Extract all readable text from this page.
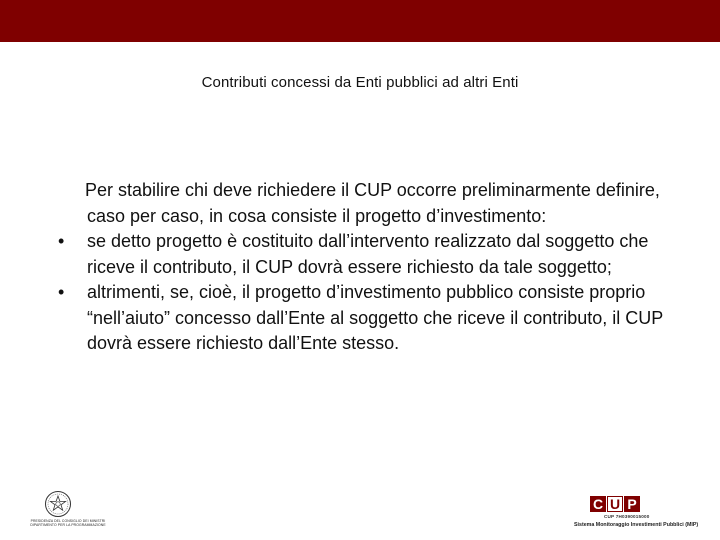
Contributi concessi da Enti pubblici ad altri Enti
Per stabilire chi deve richiedere il CUP occorre preliminarmente definire, caso per caso, in cosa consiste il progetto d’investimento:
• se detto progetto è costituito dall’intervento realizzato dal soggetto che riceve il contributo, il CUP dovrà essere richiesto da tale soggetto;
• altrimenti, se, cioè, il progetto d’investimento pubblico consiste proprio “nell’aiuto” concesso dall’Ente al soggetto che riceve il contributo, il CUP dovrà essere richiesto dall’Ente stesso.
PRESIDENZA DEL CONSIGLIO DEI MINISTRI
DIPARTIMENTO PER LA PROGRAMMAZIONE
C U P
CUP 7H0390015000
Sistema Monitoraggio Investimenti Pubblici (MIP)
